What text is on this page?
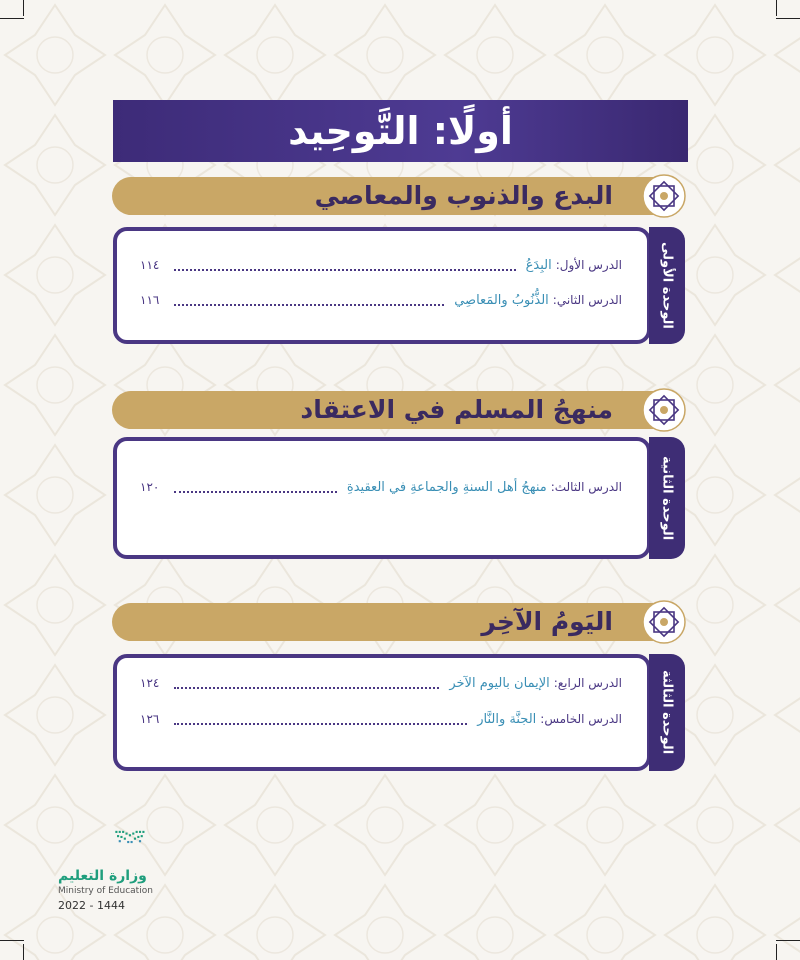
أولًا: التَّوحِيد
البدع والذنوب والمعاصي
الوحدة الأولى
الدرس الأول:
البِدَعُ
١١٤
الدرس الثاني:
الذُّنُوبُ والمَعاصِي
١١٦
منهجُ المسلم في الاعتقاد
الوحدة الثانية
الدرس الثالث:
منهجُ أهل السنةِ والجماعةِ في العقيدةِ
١٢٠
اليَومُ الآخِر
الوحدة الثالثة
الدرس الرابع:
الإيمان باليوم الآخر
١٢٤
الدرس الخامس:
الجنَّة والنَّار
١٢٦
وزارة التعليم
Ministry of Education
2022 - 1444
